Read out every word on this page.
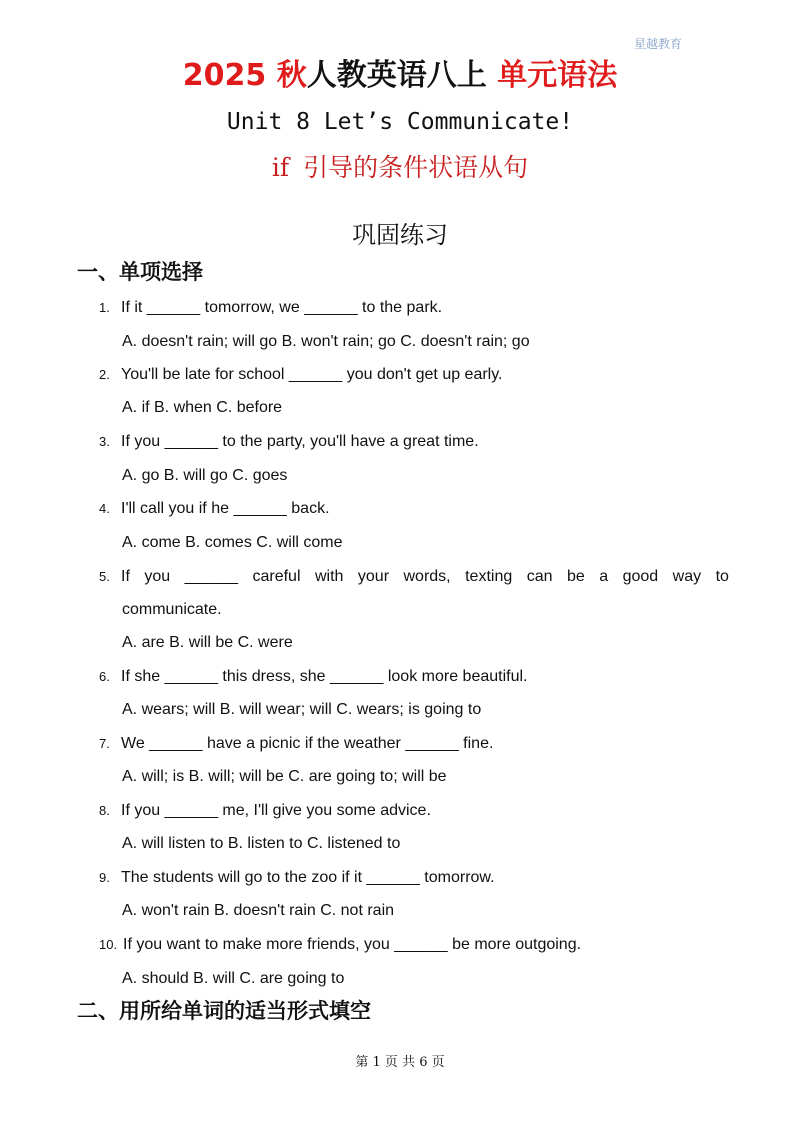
星越教育
2025 秋人教英语八上 单元语法
Unit 8 Let’s Communicate!
if 引导的条件状语从句
巩固练习
一、单项选择
1. If it ______ tomorrow, we ______ to the park.
A. doesn't rain; will go B. won't rain; go C. doesn't rain; go
2. You'll be late for school ______ you don't get up early.
A. if B. when C. before
3. If you ______ to the party, you'll have a great time.
A. go B. will go C. goes
4. I'll call you if he ______ back.
A. come B. comes C. will come
5. If you ______ careful with your words, texting can be a good way to
communicate.
A. are B. will be C. were
6. If she ______ this dress, she ______ look more beautiful.
A. wears; will B. will wear; will C. wears; is going to
7. We ______ have a picnic if the weather ______ fine.
A. will; is B. will; will be C. are going to; will be
8. If you ______ me, I'll give you some advice.
A. will listen to B. listen to C. listened to
9. The students will go to the zoo if it ______ tomorrow.
A. won't rain B. doesn't rain C. not rain
10. If you want to make more friends, you ______ be more outgoing.
A. should B. will C. are going to
二、用所给单词的适当形式填空
第 1 页 共 6 页
